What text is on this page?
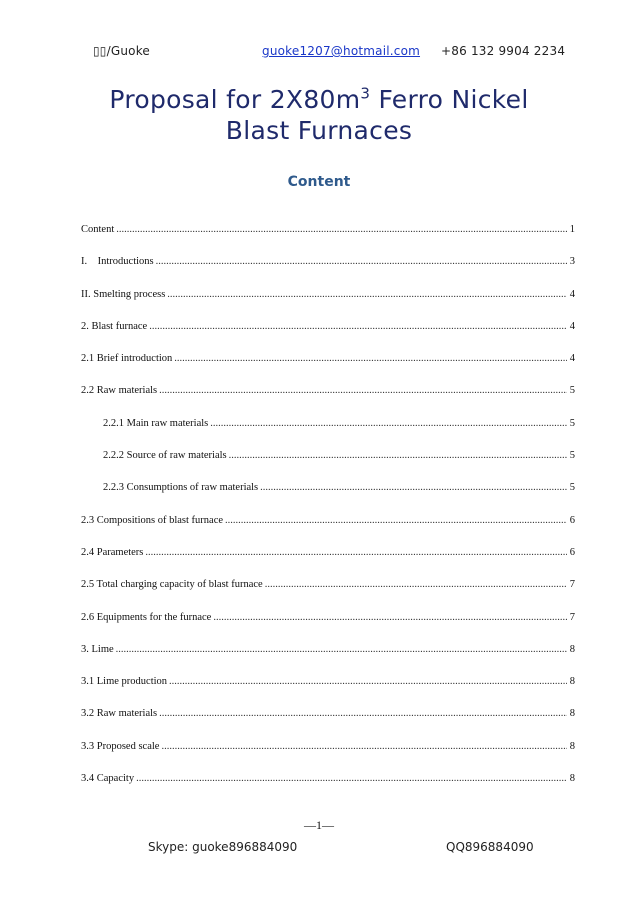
▯▯/Guoke	guoke1207@hotmail.com +86 132 9904 2234
Proposal for $2X80m^3$ Ferro Nickel
Blast Furnaces
Content
Content .....	1
I.    Introductions .....	3
II. Smelting process .....	4
2. Blast furnace .....	4
2.1 Brief introduction .....	4
2.2 Raw materials .....	5
2.2.1 Main raw materials .....	5
2.2.2 Source of raw materials .....	5
2.2.3 Consumptions of raw materials .....	5
2.3 Compositions of blast furnace .....	6
2.4 Parameters .....	6
2.5 Total charging capacity of blast furnace .....	7
2.6 Equipments for the furnace .....	7
3. Lime .....	8
3.1 Lime production .....	8
3.2 Raw materials .....	8
3.3 Proposed scale .....	8
3.4 Capacity .....	8
—1—
Skype: guoke896884090	QQ896884090
